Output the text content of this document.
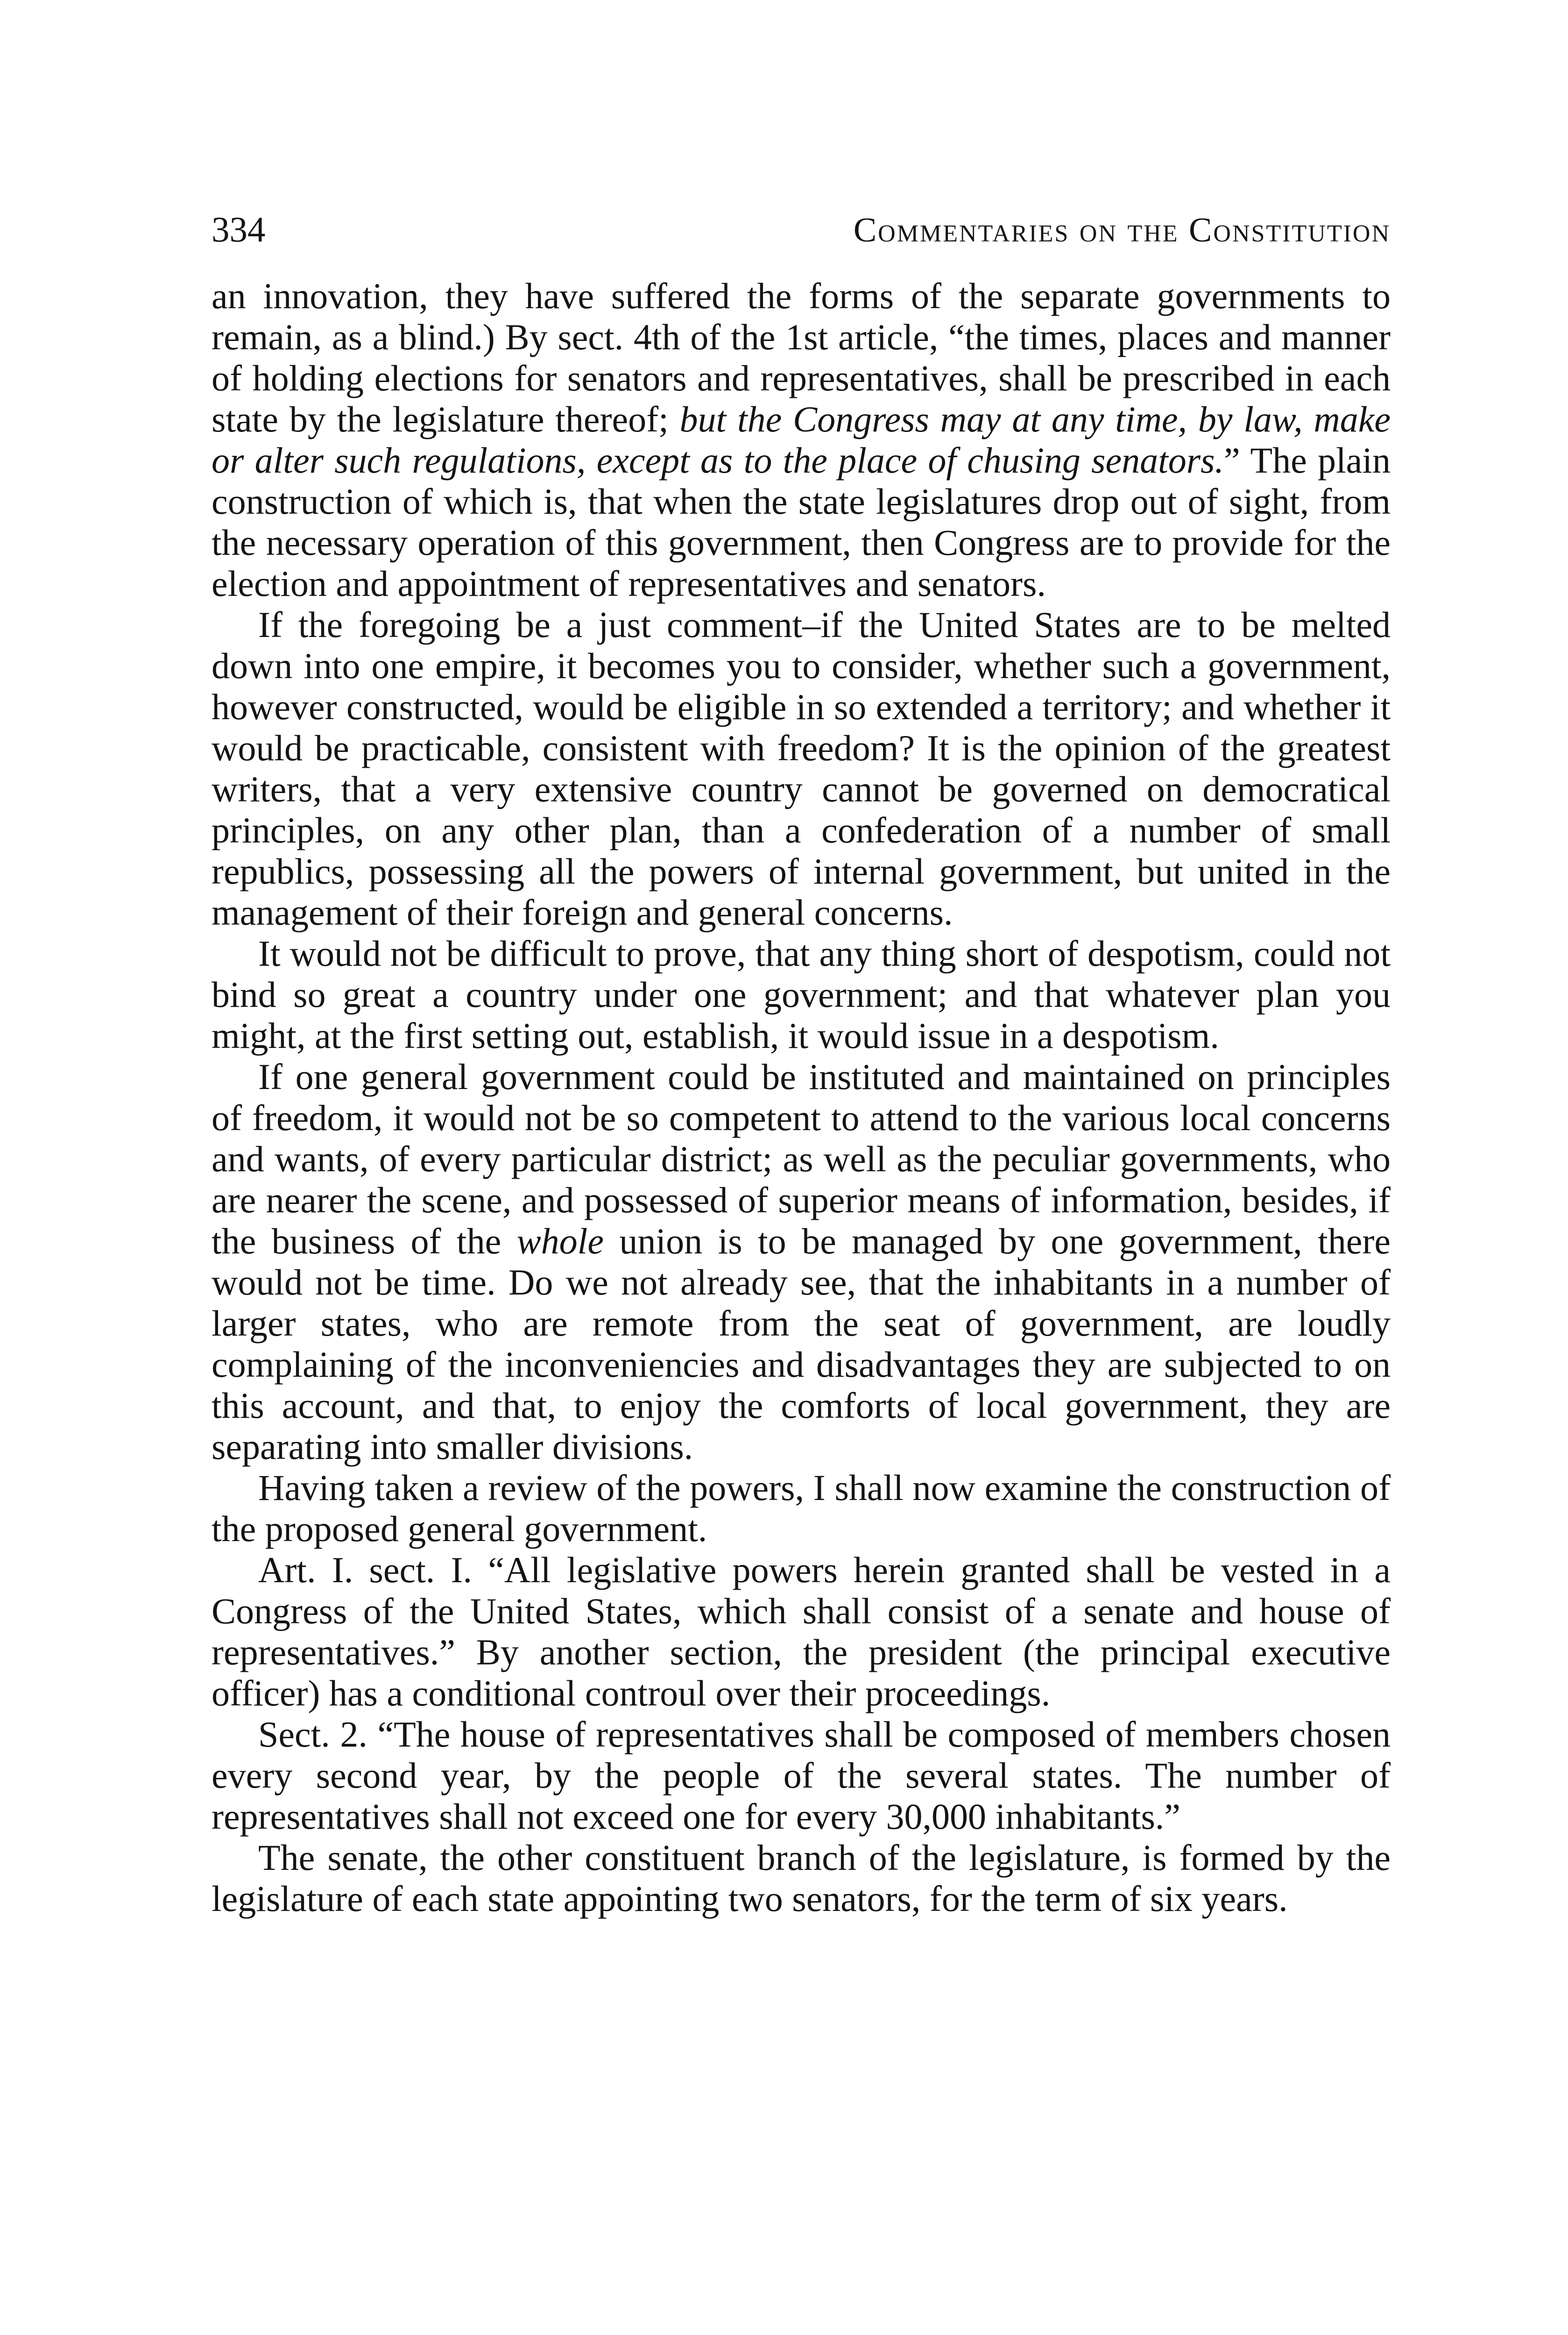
334	Commentaries on the Constitution

an innovation, they have suffered the forms of the separate governments to remain, as a blind.) By sect. 4th of the 1st article, “the times, places and manner of holding elections for senators and representatives, shall be prescribed in each state by the legislature thereof; but the Congress may at any time, by law, make or alter such regulations, except as to the place of chusing senators.” The plain construction of which is, that when the state legislatures drop out of sight, from the necessary operation of this government, then Congress are to provide for the election and appointment of representatives and senators.

If the foregoing be a just comment–if the United States are to be melted down into one empire, it becomes you to consider, whether such a government, however constructed, would be eligible in so extended a territory; and whether it would be practicable, consistent with freedom? It is the opinion of the greatest writers, that a very extensive country cannot be governed on democratical principles, on any other plan, than a confederation of a number of small republics, possessing all the powers of internal government, but united in the management of their foreign and general concerns.

It would not be difficult to prove, that any thing short of despotism, could not bind so great a country under one government; and that whatever plan you might, at the first setting out, establish, it would issue in a despotism.

If one general government could be instituted and maintained on principles of freedom, it would not be so competent to attend to the various local concerns and wants, of every particular district; as well as the peculiar governments, who are nearer the scene, and possessed of superior means of information, besides, if the business of the whole union is to be managed by one government, there would not be time. Do we not already see, that the inhabitants in a number of larger states, who are remote from the seat of government, are loudly complaining of the inconveniencies and disadvantages they are subjected to on this account, and that, to enjoy the comforts of local government, they are separating into smaller divisions.

Having taken a review of the powers, I shall now examine the construction of the proposed general government.

Art. I. sect. I. “All legislative powers herein granted shall be vested in a Congress of the United States, which shall consist of a senate and house of representatives.” By another section, the president (the principal executive officer) has a conditional controul over their proceedings.

Sect. 2. “The house of representatives shall be composed of members chosen every second year, by the people of the several states. The number of representatives shall not exceed one for every 30,000 inhabitants.”

The senate, the other constituent branch of the legislature, is formed by the legislature of each state appointing two senators, for the term of six years.
